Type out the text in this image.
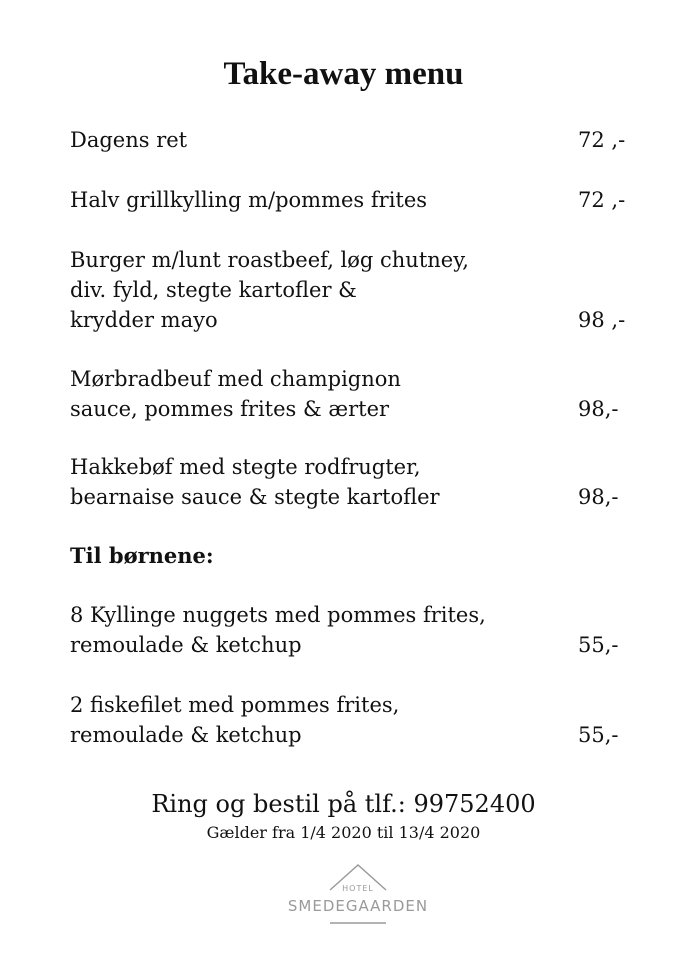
Take-away menu
Dagens ret	72 ,-
Halv grillkylling m/pommes frites	72 ,-
Burger m/lunt roastbeef, løg chutney,
div. fyld, stegte kartofler &
krydder mayo	98 ,-
Mørbradbeuf med champignon
sauce, pommes frites & ærter	98,-
Hakkebøf med stegte rodfrugter,
bearnaise sauce & stegte kartofler	98,-
Til børnene:
8 Kyllinge nuggets med pommes frites,
remoulade & ketchup	55,-
2 fiskefilet med pommes frites,
remoulade & ketchup	55,-
Ring og bestil på tlf.: 99752400
Gælder fra 1/4 2020 til 13/4 2020
HOTEL
SMEDEGAARDEN
